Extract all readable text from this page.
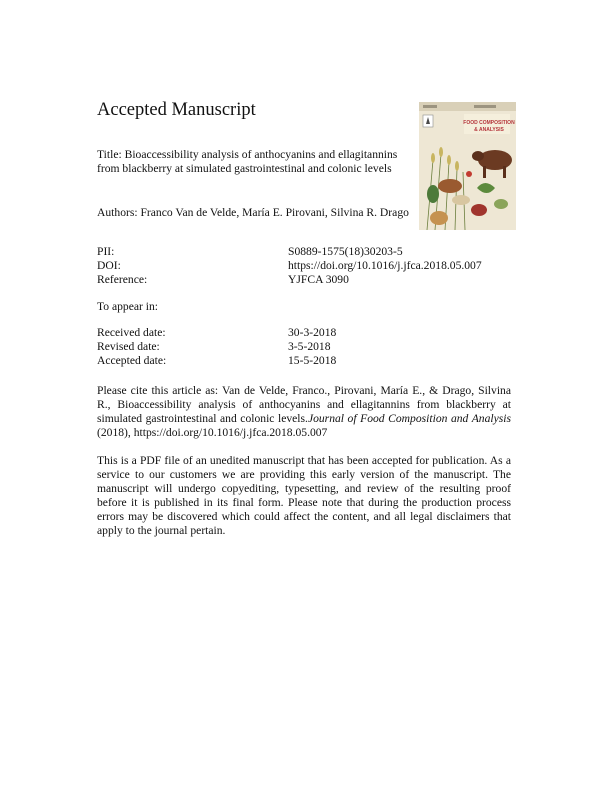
Accepted Manuscript
Title: Bioaccessibility analysis of anthocyanins and ellagitannins from blackberry at simulated gastrointestinal and colonic levels
Authors: Franco Van de Velde, María E. Pirovani, Silvina R. Drago
PII:	S0889-1575(18)30203-5
DOI:	https://doi.org/10.1016/j.jfca.2018.05.007
Reference:	YJFCA 3090
To appear in:
Received date:	30-3-2018
Revised date:	3-5-2018
Accepted date:	15-5-2018
Please cite this article as: Van de Velde, Franco., Pirovani, María E., & Drago, Silvina R., Bioaccessibility analysis of anthocyanins and ellagitannins from blackberry at simulated gastrointestinal and colonic levels.Journal of Food Composition and Analysis (2018), https://doi.org/10.1016/j.jfca.2018.05.007
This is a PDF file of an unedited manuscript that has been accepted for publication. As a service to our customers we are providing this early version of the manuscript. The manuscript will undergo copyediting, typesetting, and review of the resulting proof before it is published in its final form. Please note that during the production process errors may be discovered which could affect the content, and all legal disclaimers that apply to the journal pertain.
FOOD COMPOSITION
& ANALYSIS
